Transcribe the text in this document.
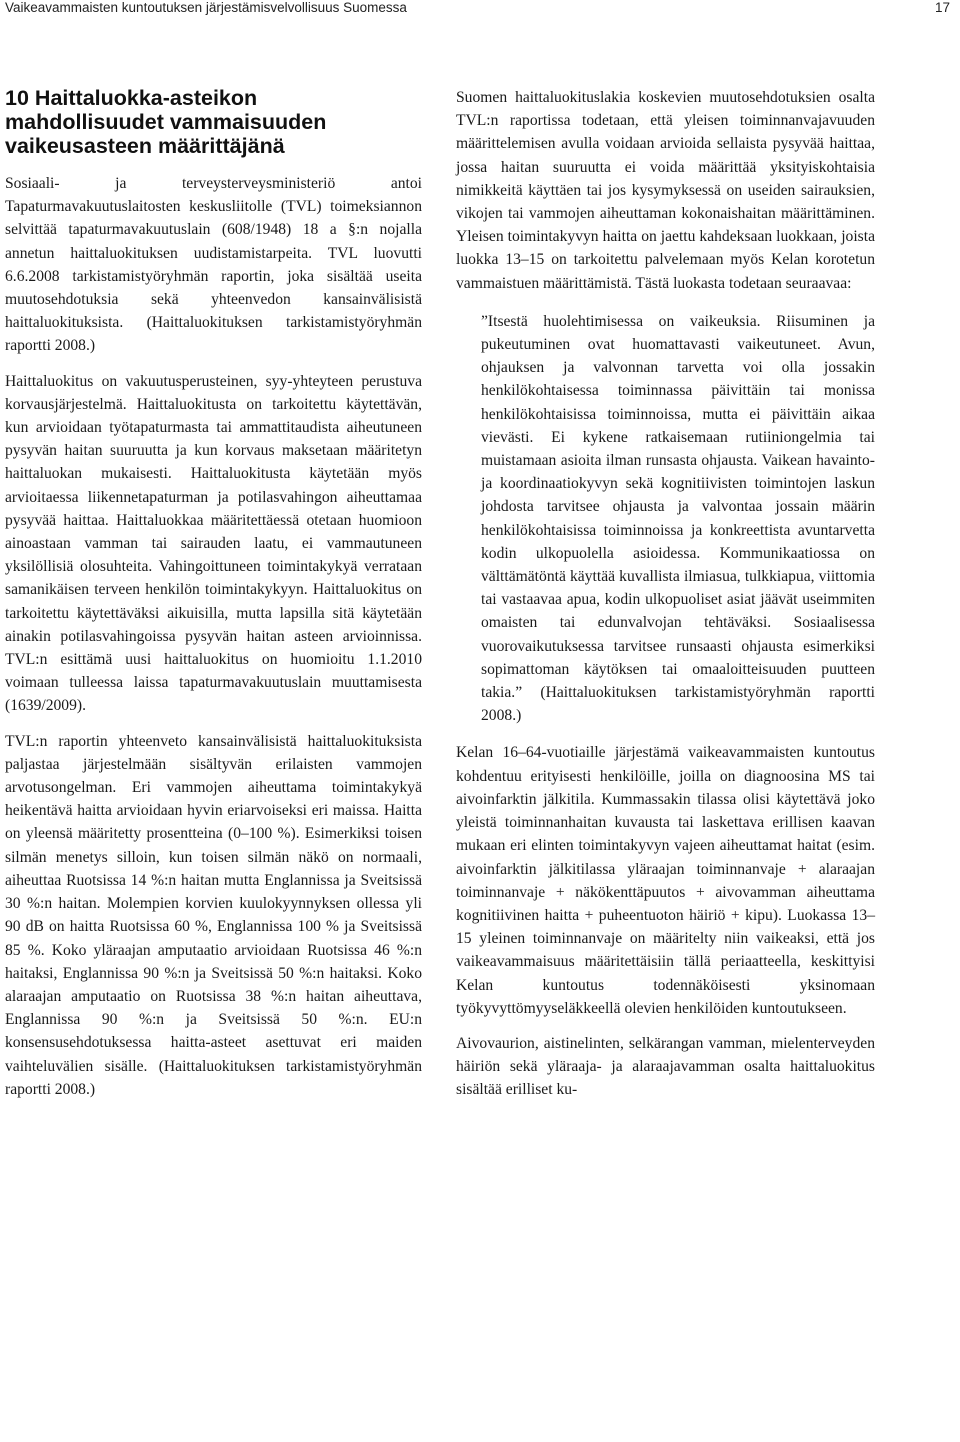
Vaikeavammaisten kuntoutuksen järjestämisvelvollisuus Suomessa	17
10 Haittaluokka-asteikon
mahdollisuudet vammaisuuden
vaikeusasteen määrittäjänä

Sosiaali- ja terveysterveysministeriö antoi Tapaturmavakuutuslaitosten keskusliitolle (TVL) toimeksiannon selvittää tapaturmavakuutuslain (608/1948) 18 a §:n nojalla annetun haittaluokituksen uudistamistarpeita. TVL luovutti 6.6.2008 tarkistamistyöryhmän raportin, joka sisältää useita muutosehdotuksia sekä yhteenvedon kansainvälisistä haittaluokituksista. (Haittaluokituksen tarkistamistyöryhmän raportti 2008.)

Haittaluokitus on vakuutusperusteinen, syy-yhteyteen perustuva korvausjärjestelmä. Haittaluokitusta on tarkoitettu käytettävän, kun arvioidaan työtapaturmasta tai ammattitaudista aiheutuneen pysyvän haitan suuruutta ja kun korvaus maksetaan määritetyn haittaluokan mukaisesti. Haittaluokitusta käytetään myös arvioitaessa liikennetapaturman ja potilasvahingon aiheuttamaa pysyvää haittaa. Haittaluokkaa määritettäessä otetaan huomioon ainoastaan vamman tai sairauden laatu, ei vammautuneen yksilöllisiä olosuhteita. Vahingoittuneen toimintakykyä verrataan samanikäisen terveen henkilön toimintakykyyn. Haittaluokitus on tarkoitettu käytettäväksi aikuisilla, mutta lapsilla sitä käytetään ainakin potilasvahingoissa pysyvän haitan asteen arvioinnissa. TVL:n esittämä uusi haittaluokitus on huomioitu 1.1.2010 voimaan tulleessa laissa tapaturmavakuutuslain muuttamisesta (1639/2009).

TVL:n raportin yhteenveto kansainvälisistä haittaluokituksista paljastaa järjestelmään sisältyvän erilaisten vammojen arvotusongelman. Eri vammojen aiheuttama toimintakykyä heikentävä haitta arvioidaan hyvin eriarvoiseksi eri maissa. Haitta on yleensä määritetty prosentteina (0–100 %). Esimerkiksi toisen silmän menetys silloin, kun toisen silmän näkö on normaali, aiheuttaa Ruotsissa 14 %:n haitan mutta Englannissa ja Sveitsissä 30 %:n haitan. Molempien korvien kuulokyynnyksen ollessa yli 90 dB on haitta Ruotsissa 60 %, Englannissa 100 % ja Sveitsissä 85 %. Koko yläraajan amputaatio arvioidaan Ruotsissa 46 %:n haitaksi, Englannissa 90 %:n ja Sveitsissä 50 %:n haitaksi. Koko alaraajan amputaatio on Ruotsissa 38 %:n haitan aiheuttava, Englannissa 90 %:n ja Sveitsissä 50 %:n. EU:n konsensusehdotuksessa haitta-asteet asettuvat eri maiden vaihteluvälien sisälle. (Haittaluokituksen tarkistamistyöryhmän raportti 2008.)

Suomen haittaluokituslakia koskevien muutosehdotuksien osalta TVL:n raportissa todetaan, että yleisen toiminnanvajavuuden määrittelemisen avulla voidaan arvioida sellaista pysyvää haittaa, jossa haitan suuruutta ei voida määrittää yksityiskohtaisia nimikkeitä käyttäen tai jos kysymyksessä on useiden sairauksien, vikojen tai vammojen aiheuttaman kokonaishaitan määrittäminen. Yleisen toimintakyvyn haitta on jaettu kahdeksaan luokkaan, joista luokka 13–15 on tarkoitettu palvelemaan myös Kelan korotetun vammaistuen määrittämistä. Tästä luokasta todetaan seuraavaa:

”Itsestä huolehtimisessa on vaikeuksia. Riisuminen ja pukeutuminen ovat huomattavasti vaikeutuneet. Avun, ohjauksen ja valvonnan tarvetta voi olla jossakin henkilökohtaisessa toiminnassa päivittäin tai monissa henkilökohtaisissa toiminnoissa, mutta ei päivittäin aikaa vievästi. Ei kykene ratkaisemaan rutiiniongelmia tai muistamaan asioita ilman runsasta ohjausta. Vaikean havainto- ja koordinaatiokyvyn sekä kognitiivisten toimintojen laskun johdosta tarvitsee ohjausta ja valvontaa jossain määrin henkilökohtaisissa toiminnoissa ja konkreettista avuntarvetta kodin ulkopuolella asioidessa. Kommunikaatiossa on välttämätöntä käyttää kuvallista ilmiasua, tulkkiapua, viittomia tai vastaavaa apua, kodin ulkopuoliset asiat jäävät useimmiten omaisten tai edunvalvojan tehtäväksi. Sosiaalisessa vuorovaikutuksessa tarvitsee runsaasti ohjausta esimerkiksi sopimattoman käytöksen tai omaaloitteisuuden puutteen takia.” (Haittaluokituksen tarkistamistyöryhmän raportti 2008.)

Kelan 16–64-vuotiaille järjestämä vaikeavammaisten kuntoutus kohdentuu erityisesti henkilöille, joilla on diagnoosina MS tai aivoinfarktin jälkitila. Kummassakin tilassa olisi käytettävä joko yleistä toiminnanhaitan kuvausta tai laskettava erillisen kaavan mukaan eri elinten toimintakyvyn vajeen aiheuttamat haitat (esim. aivoinfarktin jälkitilassa yläraajan toiminnanvaje + alaraajan toiminnanvaje + näkökenttäpuutos + aivovamman aiheuttama kognitiivinen haitta + puheentuoton häiriö + kipu). Luokassa 13–15 yleinen toiminnanvaje on määritelty niin vaikeaksi, että jos vaikeavammaisuus määritettäisiin tällä periaatteella, keskittyisi Kelan kuntoutus todennäköisesti yksinomaan työkyvyttömyyseläkkeellä olevien henkilöiden kuntoutukseen.

Aivovaurion, aistinelinten, selkärangan vamman, mielenterveyden häiriön sekä yläraaja- ja alaraajavamman osalta haittaluokitus sisältää erilliset ku-
